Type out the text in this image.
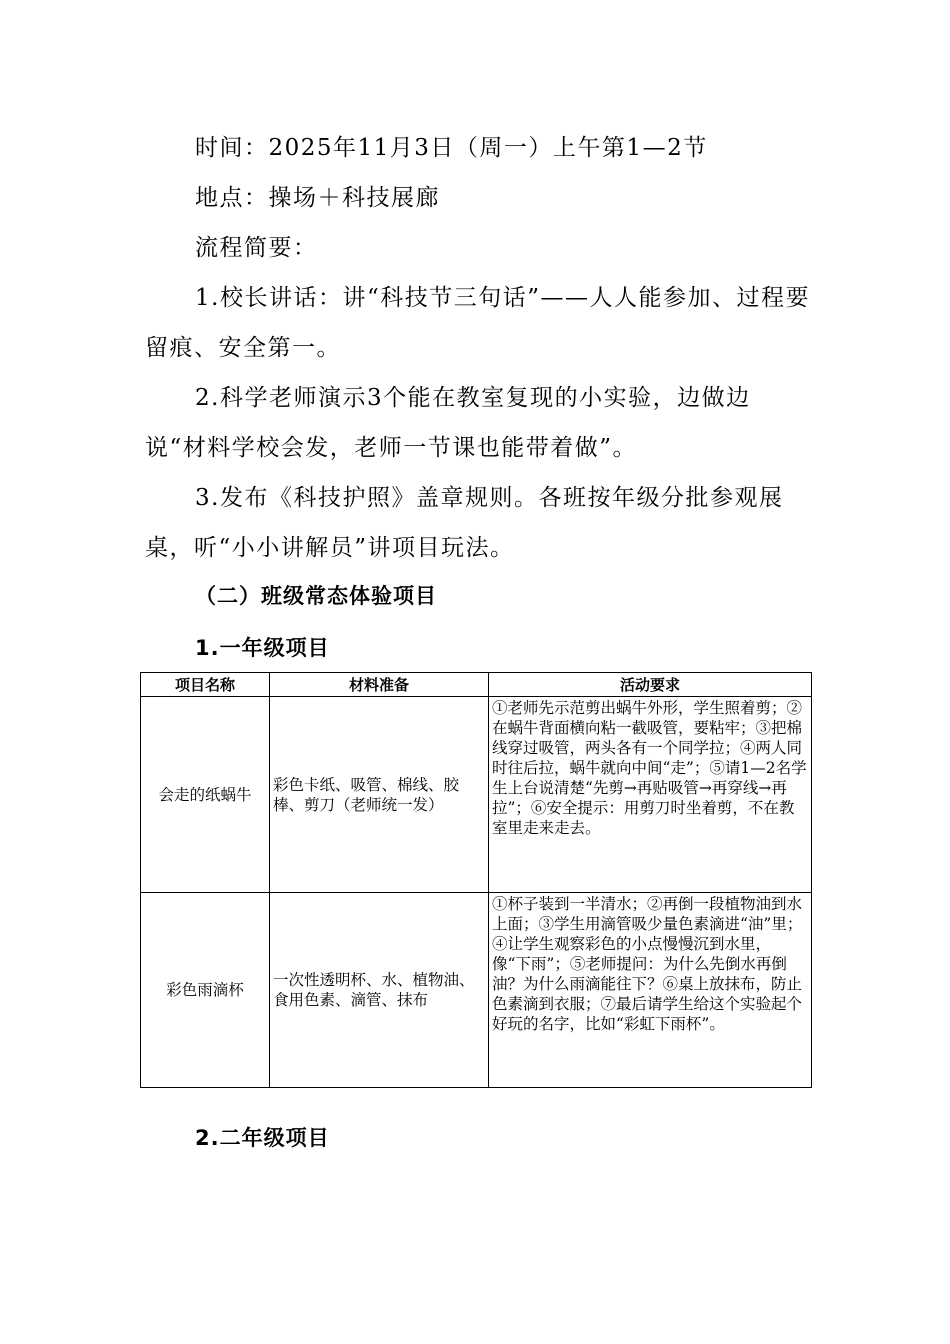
时间：2025年11月3日（周一）上午第1—2节

地点：操场＋科技展廊

流程简要：

1.校长讲话：讲“科技节三句话”——人人能参加、过程要留痕、安全第一。

2.科学老师演示3个能在教室复现的小实验，边做边说“材料学校会发，老师一节课也能带着做”。

3.发布《科技护照》盖章规则。各班按年级分批参观展桌，听“小小讲解员”讲项目玩法。

（二）班级常态体验项目

1.一年级项目

项目名称	材料准备	活动要求
会走的纸蜗牛	彩色卡纸、吸管、棉线、胶棒、剪刀（老师统一发）	①老师先示范剪出蜗牛外形，学生照着剪；②在蜗牛背面横向粘一截吸管，要粘牢；③把棉线穿过吸管，两头各有一个同学拉；④两人同时往后拉，蜗牛就向中间“走”；⑤请1—2名学生上台说清楚“先剪→再贴吸管→再穿线→再拉”；⑥安全提示：用剪刀时坐着剪，不在教室里走来走去。
彩色雨滴杯	一次性透明杯、水、植物油、食用色素、滴管、抹布	①杯子装到一半清水；②再倒一段植物油到水上面；③学生用滴管吸少量色素滴进“油”里；④让学生观察彩色的小点慢慢沉到水里，像“下雨”；⑤老师提问：为什么先倒水再倒油？为什么雨滴能往下？⑥桌上放抹布，防止色素滴到衣服；⑦最后请学生给这个实验起个好玩的名字，比如“彩虹下雨杯”。

2.二年级项目
